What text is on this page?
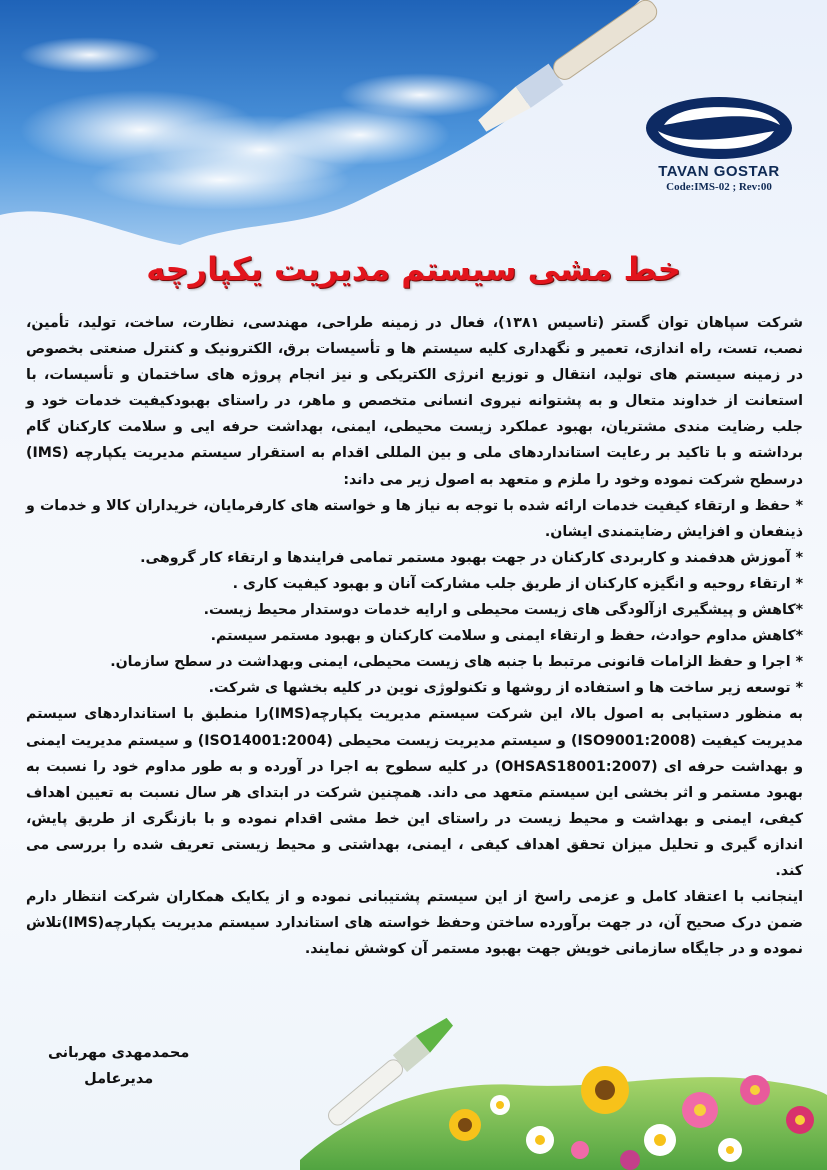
TAVAN GOSTAR
Code:IMS-02 ; Rev:00
خط مشی سیستم مدیریت یکپارچه

شرکت سپاهان توان گستر (تاسیس ۱۳۸۱)، فعال در زمینه طراحی، مهندسی، نظارت، ساخت، تولید، تأمین، نصب، تست، راه اندازی، تعمیر و نگهداری کلیه سیستم ها و تأسیسات برق، الکترونیک و کنترل صنعتی بخصوص در زمینه سیستم های تولید، انتقال و توزیع انرژی الکتریکی و نیز انجام پروژه های ساختمان و تأسیسات، با استعانت از خداوند متعال و به پشتوانه نیروی انسانی متخصص و ماهر، در راستای بهبودکیفیت خدمات خود و جلب رضایت مندی مشتریان، بهبود عملکرد زیست محیطی، ایمنی، بهداشت حرفه ایی و سلامت کارکنان گام برداشته و با تاکید بر رعایت استانداردهای ملی و بین المللی اقدام به استقرار سیستم مدیریت یکپارچه (IMS) درسطح شرکت نموده وخود را ملزم و متعهد به اصول زیر می داند:

* حفظ و ارتقاء کیفیت خدمات ارائه شده با توجه به نیاز ها و خواسته های کارفرمایان، خریداران کالا و خدمات و ذینفعان و افزایش رضایتمندی ایشان.

* آموزش هدفمند و کاربردی کارکنان در جهت بهبود مستمر تمامی فرایندها و ارتقاء کار گروهی.

* ارتقاء روحیه و انگیزه کارکنان از طریق جلب مشارکت آنان و بهبود کیفیت کاری .

*کاهش و پیشگیری ازآلودگی های زیست محیطی و ارایه خدمات دوستدار محیط زیست.

*کاهش مداوم حوادث، حفظ و ارتقاء ایمنی و سلامت کارکنان و بهبود مستمر سیستم.

* اجرا و حفظ الزامات قانونی مرتبط با جنبه های زیست محیطی، ایمنی وبهداشت در سطح سازمان.

* توسعه زیر ساخت ها و استفاده از روشها و تکنولوژی نوین در کلیه بخشها ی شرکت.

به منظور دستیابی به اصول بالا، این شرکت سیستم مدیریت یکپارچه(IMS)را منطبق با استانداردهای سیستم مدیریت کیفیت (ISO9001:2008) و سیستم مدیریت زیست محیطی (ISO14001:2004) و سیستم مدیریت ایمنی و بهداشت حرفه ای (OHSAS18001:2007) در کلیه سطوح به اجرا در آورده و به طور مداوم خود را نسبت به بهبود مستمر و اثر بخشی این سیستم متعهد می داند. همچنین شرکت در ابتدای هر سال نسبت به تعیین اهداف کیفی، ایمنی و بهداشت و محیط زیست در راستای این خط مشی اقدام نموده و با بازنگری از طریق پایش، اندازه گیری و تحلیل میزان تحقق اهداف کیفی ، ایمنی، بهداشتی و محیط زیستی تعریف شده را بررسی می کند.

اینجانب با اعتقاد کامل و عزمی راسخ از این سیستم پشتیبانی نموده و از یکایک همکاران شرکت انتظار دارم ضمن درک صحیح آن، در جهت برآورده ساختن وحفظ خواسته های استاندارد سیستم مدیریت یکپارچه(IMS)تلاش نموده و در جایگاه سازمانی خویش جهت بهبود مستمر آن کوشش نمایند.

محمدمهدی مهربانی
مدیرعامل
